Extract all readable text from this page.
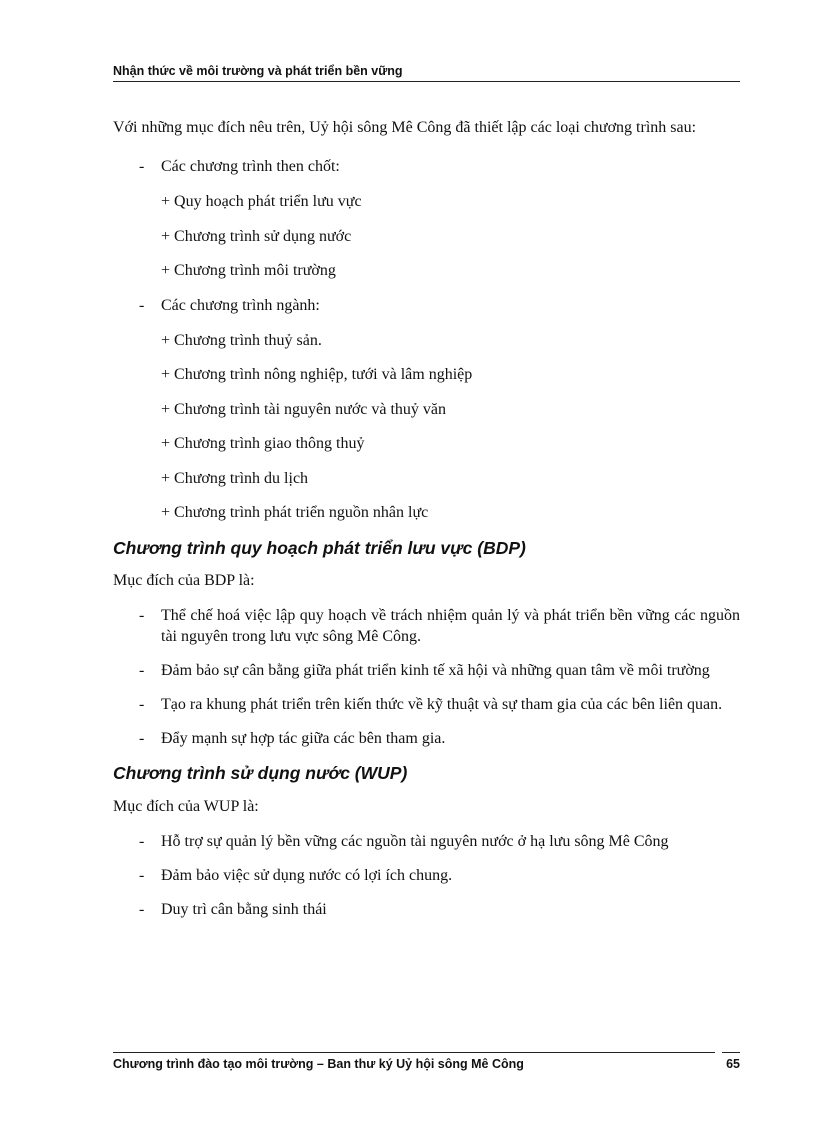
Nhận thức về môi trường và phát triển bền vững

Với những mục đích nêu trên, Uỷ hội sông Mê Công đã thiết lập các loại chương trình sau:

- Các chương trình then chốt:

+ Quy hoạch phát triển lưu vực

+ Chương trình sử dụng nước

+ Chương trình môi trường

- Các chương trình ngành:

+ Chương trình thuỷ sản.

+ Chương trình nông nghiệp, tưới và lâm nghiệp

+ Chương trình tài nguyên nước và thuỷ văn

+ Chương trình giao thông thuỷ

+ Chương trình du lịch

+ Chương trình phát triển nguồn nhân lực

Chương trình quy hoạch phát triển lưu vực (BDP)

Mục đích của BDP là:

- Thể chế hoá việc lập quy hoạch về trách nhiệm quản lý và phát triển bền vững các nguồn tài nguyên trong lưu vực sông Mê Công.

- Đảm bảo sự cân bằng giữa phát triển kinh tế xã hội và những quan tâm về môi trường

- Tạo ra khung phát triển trên kiến thức về kỹ thuật và sự tham gia của các bên liên quan.

- Đẩy mạnh sự hợp tác giữa các bên tham gia.

Chương trình sử dụng nước (WUP)

Mục đích của WUP là:

- Hỗ trợ sự quản lý bền vững các nguồn tài nguyên nước ở hạ lưu sông Mê Công

- Đảm bảo việc sử dụng nước có lợi ích chung.

- Duy trì cân bằng sinh thái

Chương trình đào tạo môi trường – Ban thư ký Uỷ hội sông Mê Công	65
